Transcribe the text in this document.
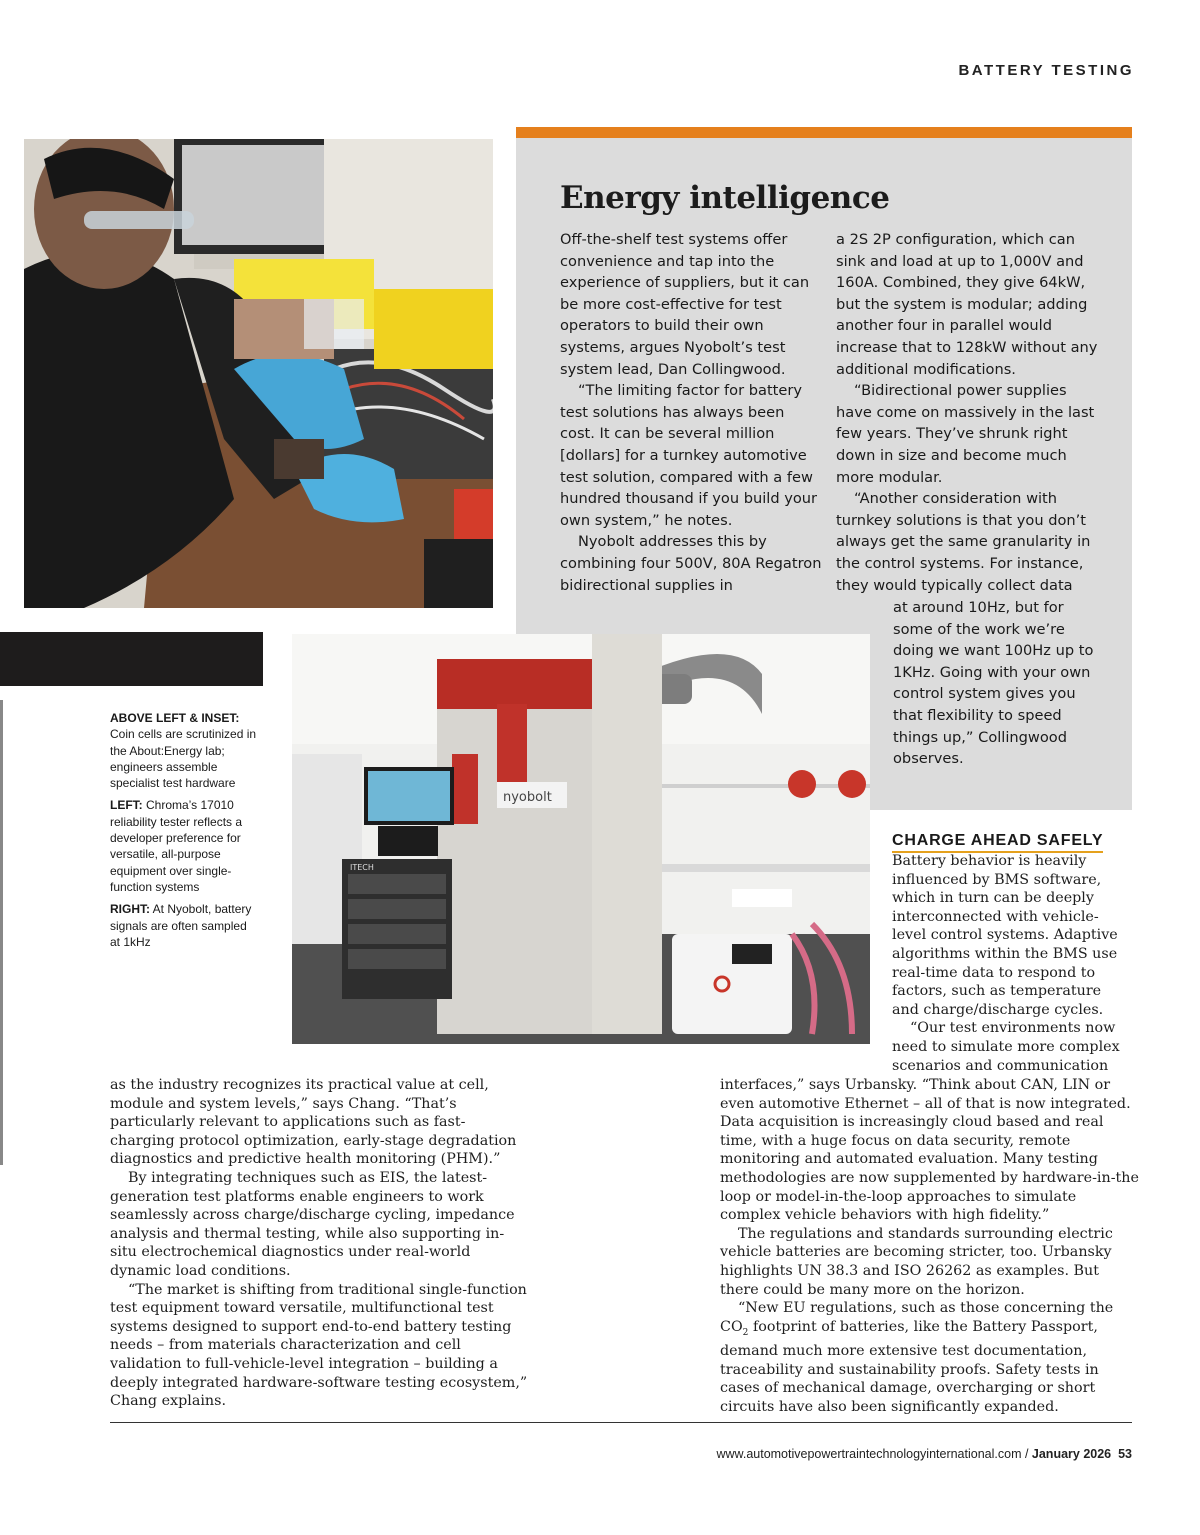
BATTERY TESTING
Energy intelligence

Off-the-shelf test systems offer convenience and tap into the experience of suppliers, but it can be more cost-effective for test operators to build their own systems, argues Nyobolt’s test system lead, Dan Collingwood.

“The limiting factor for battery test solutions has always been cost. It can be several million [dollars] for a turnkey automotive test solution, compared with a few hundred thousand if you build your own system,” he notes.

Nyobolt addresses this by combining four 500V, 80A Regatron bidirectional supplies in

a 2S 2P configuration, which can sink and load at up to 1,000V and 160A. Combined, they give 64kW, but the system is modular; adding another four in parallel would increase that to 128kW without any additional modifications.

“Bidirectional power supplies have come on massively in the last few years. They’ve shrunk right down in size and become much more modular.

“Another consideration with turnkey solutions is that you don’t always get the same granularity in the control systems. For instance, they would typically collect data

at around 10Hz, but for some of the work we’re doing we want 100Hz up to 1KHz. Going with your own control system gives you that flexibility to speed things up,” Collingwood observes.

nyobolt
ITECH

ABOVE LEFT & INSET: Coin cells are scrutinized in the About:Energy lab; engineers assemble specialist test hardware

LEFT: Chroma’s 17010 reliability tester reflects a developer preference for versatile, all-purpose equipment over single-function systems

RIGHT: At Nyobolt, battery signals are often sampled at 1kHz

CHARGE AHEAD SAFELY

Battery behavior is heavily influenced by BMS software, which in turn can be deeply interconnected with vehicle-level control systems. Adaptive algorithms within the BMS use real-time data to respond to factors, such as temperature and charge/discharge cycles.

“Our test environments now need to simulate more complex scenarios and communication

as the industry recognizes its practical value at cell, module and system levels,” says Chang. “That’s particularly relevant to applications such as fast-charging protocol optimization, early-stage degradation diagnostics and predictive health monitoring (PHM).”

By integrating techniques such as EIS, the latest-generation test platforms enable engineers to work seamlessly across charge/discharge cycling, impedance analysis and thermal testing, while also supporting in-situ electrochemical diagnostics under real-world dynamic load conditions.

“The market is shifting from traditional single-function test equipment toward versatile, multifunctional test systems designed to support end-to-end battery testing needs – from materials characterization and cell validation to full-vehicle-level integration – building a deeply integrated hardware-software testing ecosystem,” Chang explains.

interfaces,” says Urbansky. “Think about CAN, LIN or even automotive Ethernet – all of that is now integrated. Data acquisition is increasingly cloud based and real time, with a huge focus on data security, remote monitoring and automated evaluation. Many testing methodologies are now supplemented by hardware-in-the loop or model-in-the-loop approaches to simulate complex vehicle behaviors with high fidelity.”

The regulations and standards surrounding electric vehicle batteries are becoming stricter, too. Urbansky highlights UN 38.3 and ISO 26262 as examples. But there could be many more on the horizon.

“New EU regulations, such as those concerning the $CO_2$ footprint of batteries, like the Battery Passport, demand much more extensive test documentation, traceability and sustainability proofs. Safety tests in cases of mechanical damage, overcharging or short circuits have also been significantly expanded.

www.automotivepowertraintechnologyinternational.com / January 2026 53
